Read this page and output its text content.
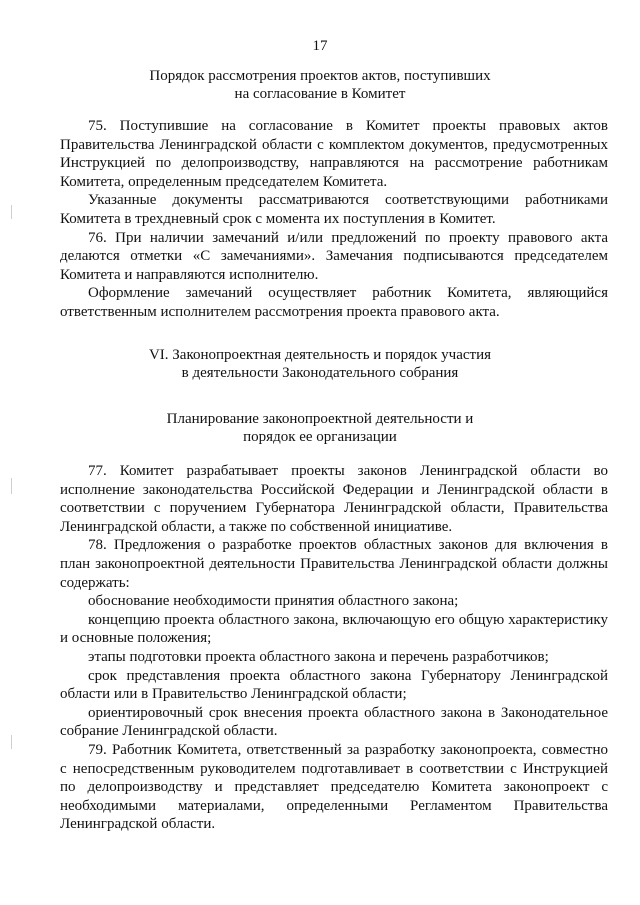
17
Порядок рассмотрения проектов актов, поступивших
на согласование в Комитет

75. Поступившие на согласование в Комитет проекты правовых актов Правительства Ленинградской области с комплектом документов, предусмотренных Инструкцией по делопроизводству, направляются на рассмотрение работникам Комитета, определенным председателем Комитета.

Указанные документы рассматриваются соответствующими работниками Комитета в трехдневный срок с момента их поступления в Комитет.

76. При наличии замечаний и/или предложений по проекту правового акта делаются отметки «С замечаниями». Замечания подписываются председателем Комитета и направляются исполнителю.

Оформление замечаний осуществляет работник Комитета, являющийся ответственным исполнителем рассмотрения проекта правового акта.

VI. Законопроектная деятельность и порядок участия
в деятельности Законодательного собрания
Планирование законопроектной деятельности и
порядок ее организации

77. Комитет разрабатывает проекты законов Ленинградской области во исполнение законодательства Российской Федерации и Ленинградской области в соответствии с поручением Губернатора Ленинградской области, Правительства Ленинградской области, а также по собственной инициативе.

78. Предложения о разработке проектов областных законов для включения в план законопроектной деятельности Правительства Ленинградской области должны содержать:

обоснование необходимости принятия областного закона;

концепцию проекта областного закона, включающую его общую характеристику и основные положения;

этапы подготовки проекта областного закона и перечень разработчиков;

срок представления проекта областного закона Губернатору Ленинградской области или в Правительство Ленинградской области;

ориентировочный срок внесения проекта областного закона в Законодательное собрание Ленинградской области.

79. Работник Комитета, ответственный за разработку законопроекта, совместно с непосредственным руководителем подготавливает в соответствии с Инструкцией по делопроизводству и представляет председателю Комитета законопроект с необходимыми материалами, определенными Регламентом Правительства Ленинградской области.
